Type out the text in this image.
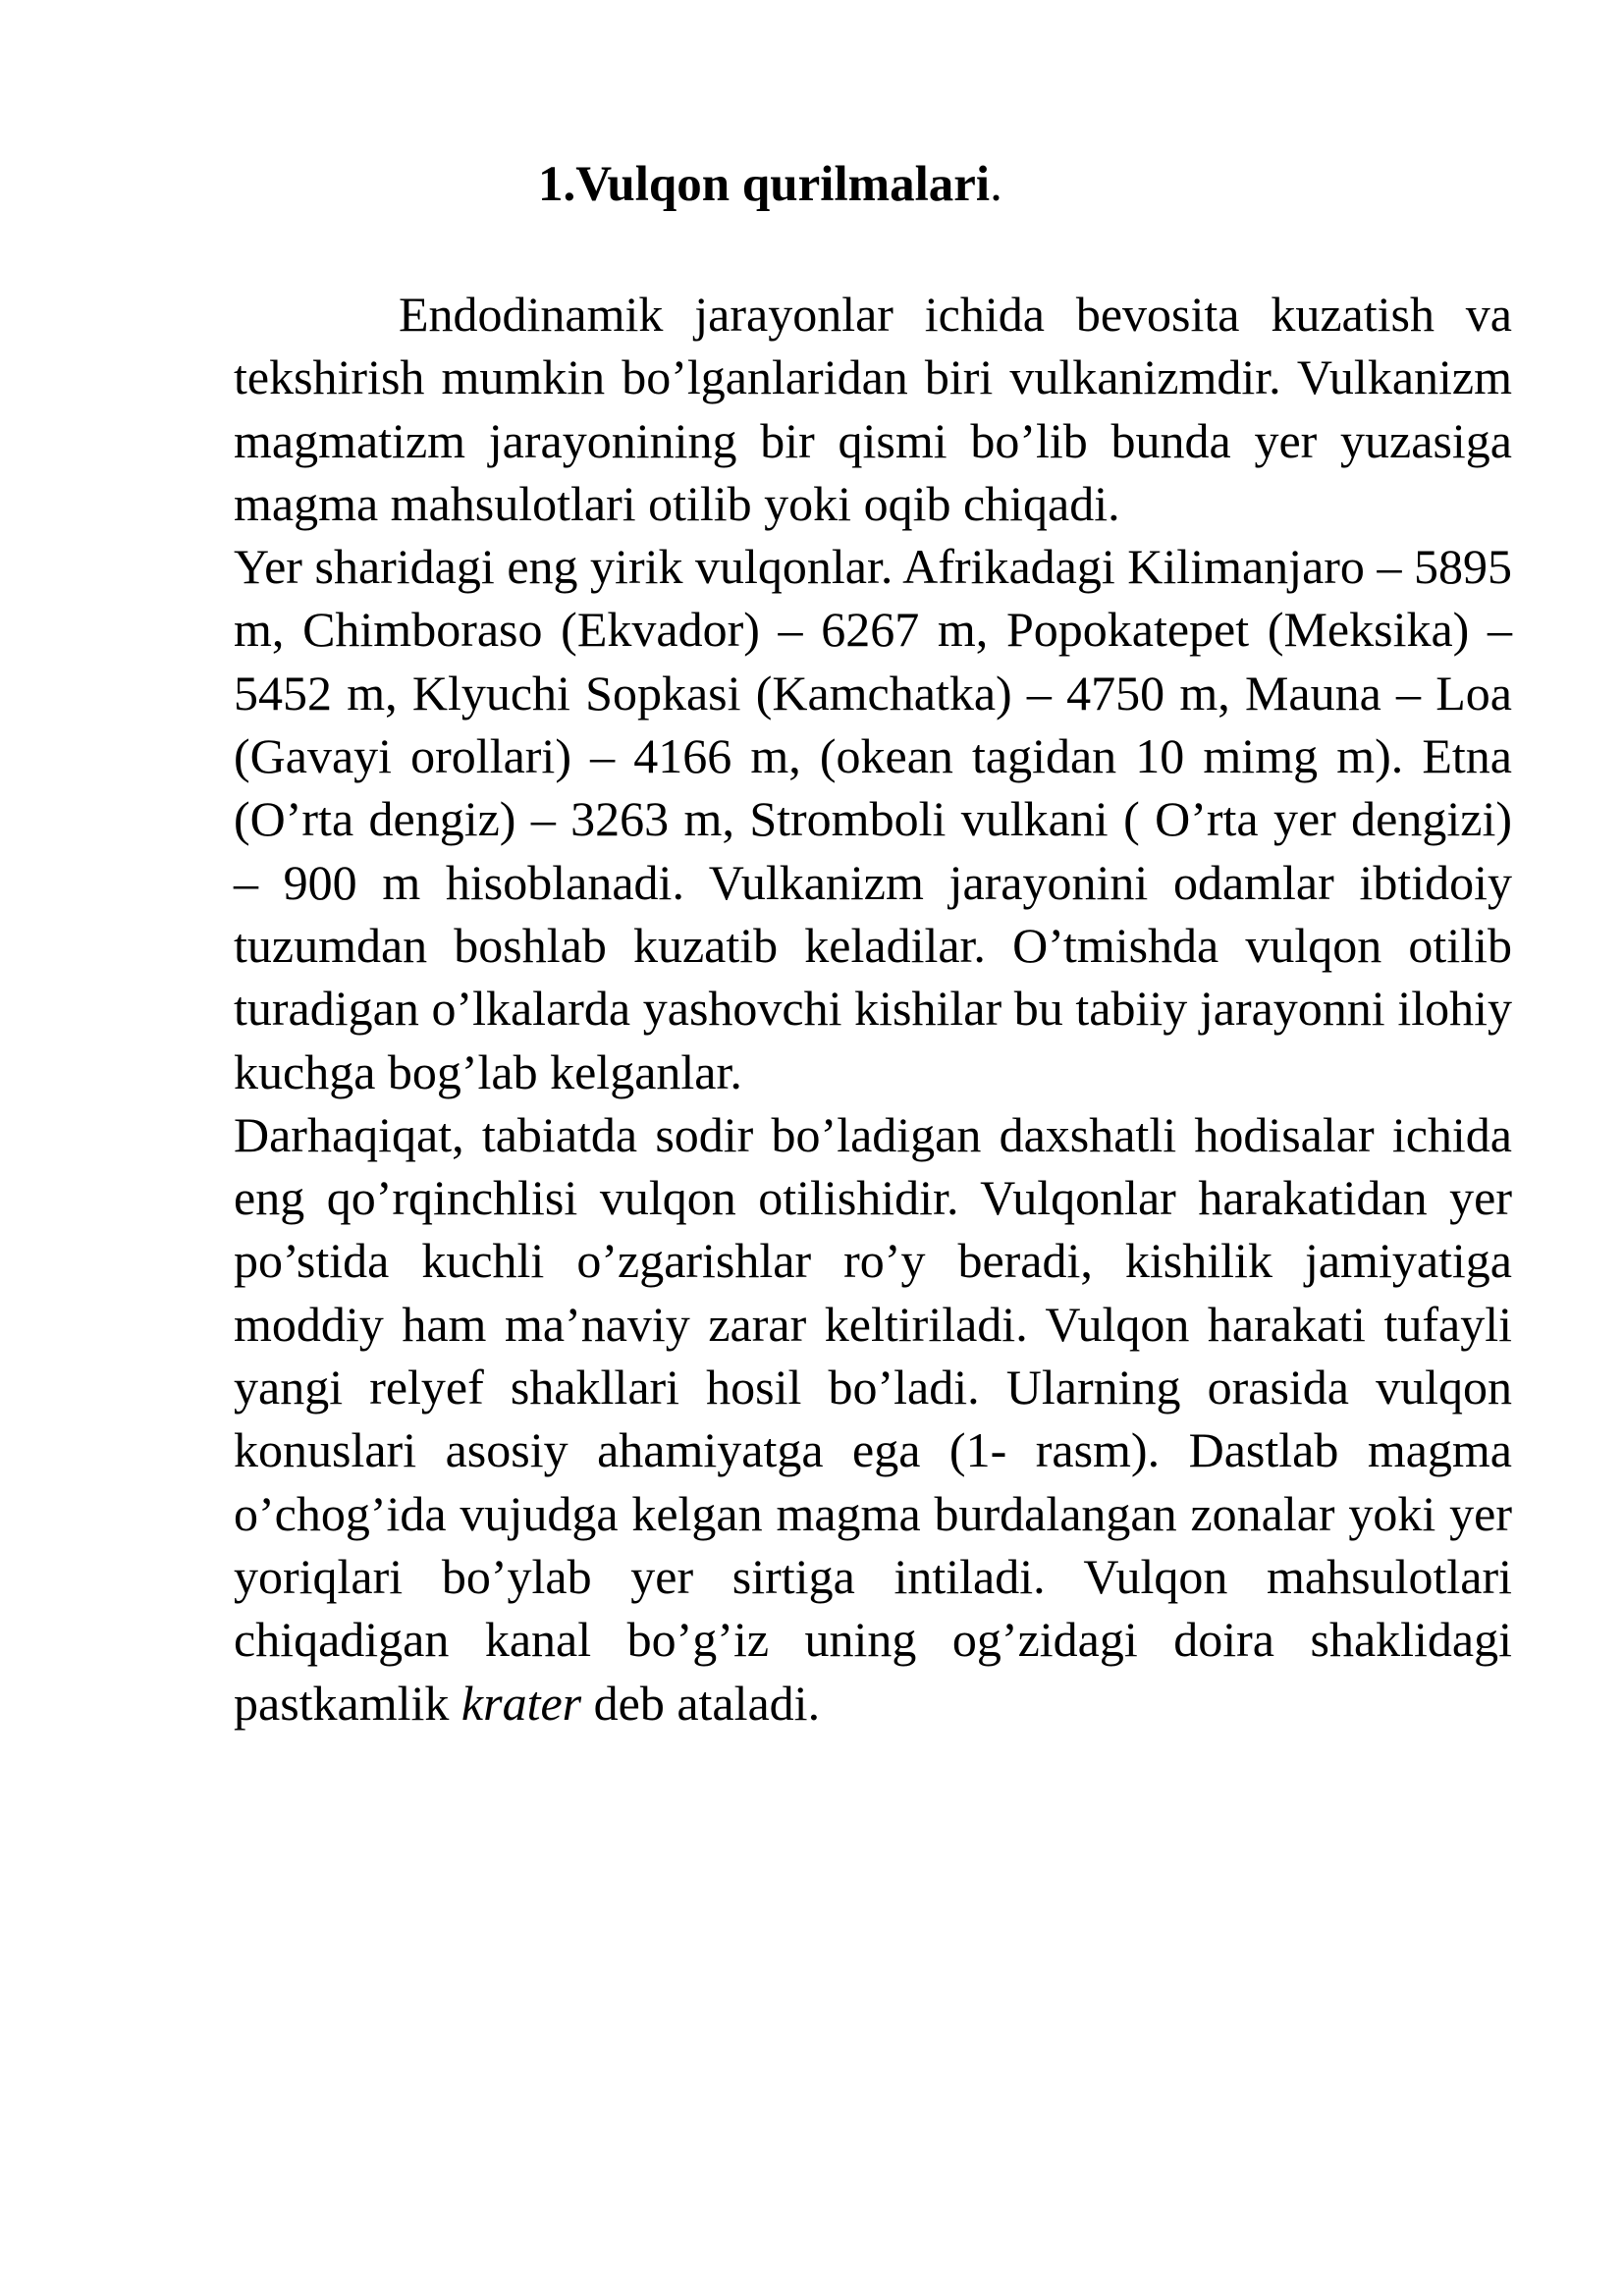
1.Vulqon qurilmalari.

Endodinamik jarayonlar ichida bevosita kuzatish va tekshirish mumkin bo’lganlaridan biri vulkanizmdir. Vulkanizm magmatizm jarayonining bir qismi bo’lib bunda yer yuzasiga magma mahsulotlari otilib yoki oqib chiqadi.

Yer sharidagi eng yirik vulqonlar. Afrikadagi Kilimanjaro – 5895 m, Chimboraso (Ekvador) – 6267 m, Popokatepet (Meksika) – 5452 m, Klyuchi Sopkasi (Kamchatka) – 4750 m, Mauna – Loa (Gavayi orollari) – 4166 m, (okean tagidan 10 mimg m). Etna (O’rta dengiz) – 3263 m, Stromboli vulkani ( O’rta yer dengizi) – 900 m hisoblanadi. Vulkanizm jarayonini odamlar ibtidoiy tuzumdan boshlab kuzatib keladilar. O’tmishda vulqon otilib turadigan o’lkalarda yashovchi kishilar bu tabiiy jarayonni ilohiy kuchga bog’lab kelganlar.

Darhaqiqat, tabiatda sodir bo’ladigan daxshatli hodisalar ichida eng qo’rqinchlisi vulqon otilishidir. Vulqonlar harakatidan yer po’stida kuchli o’zgarishlar ro’y beradi, kishilik jamiyatiga moddiy ham ma’naviy zarar keltiriladi. Vulqon harakati tufayli yangi relyef shakllari hosil bo’ladi. Ularning orasida vulqon konuslari asosiy ahamiyatga ega (1- rasm). Dastlab magma o’chog’ida vujudga kelgan magma burdalangan zonalar yoki yer yoriqlari bo’ylab yer sirtiga intiladi. Vulqon mahsulotlari chiqadigan kanal bo’g’iz uning og’zidagi doira shaklidagi pastkamlik krater deb ataladi.
